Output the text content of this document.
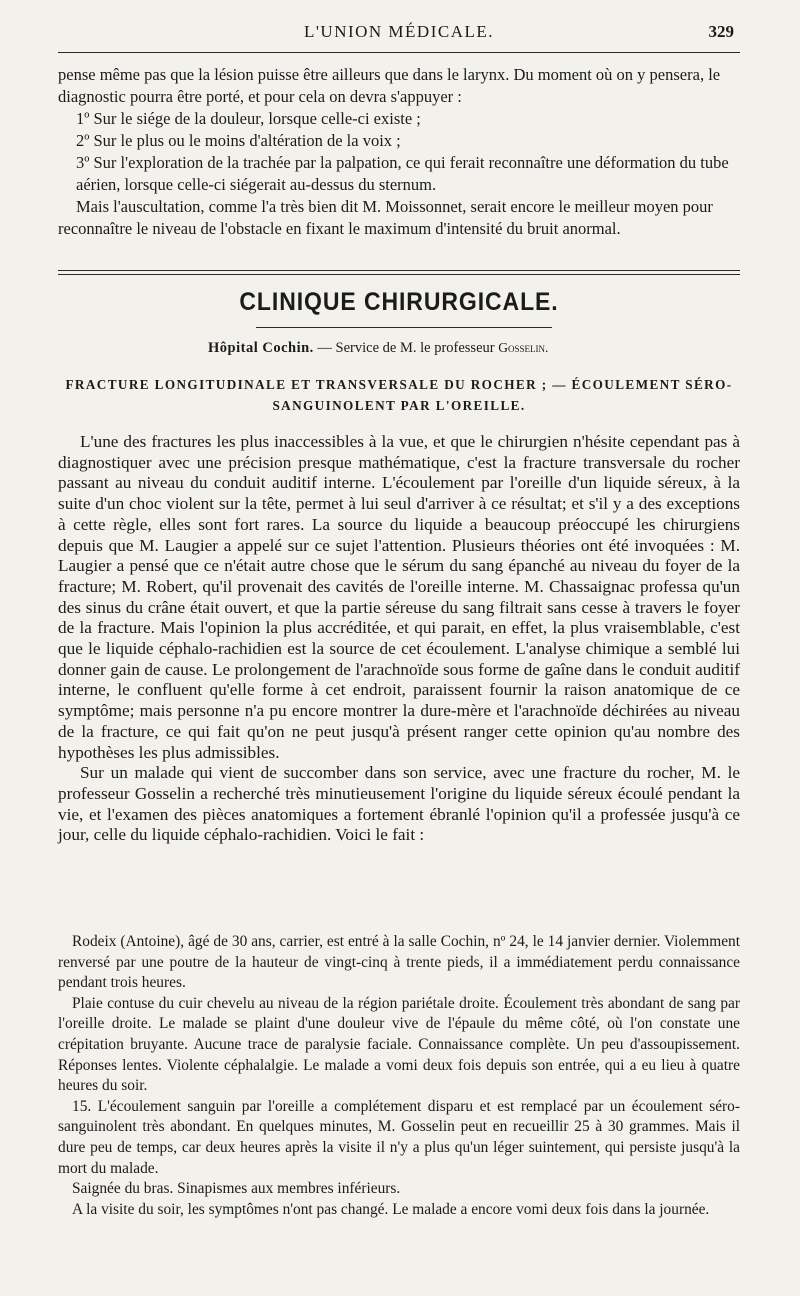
L'UNION MÉDICALE.	329

pense même pas que la lésion puisse être ailleurs que dans le larynx. Du moment où on y pensera, le diagnostic pourra être porté, et pour cela on devra s'appuyer :

1º Sur le siége de la douleur, lorsque celle-ci existe ;

2º Sur le plus ou le moins d'altération de la voix ;

3º Sur l'exploration de la trachée par la palpation, ce qui ferait reconnaître une déformation du tube aérien, lorsque celle-ci siégerait au-dessus du sternum.

Mais l'auscultation, comme l'a très bien dit M. Moissonnet, serait encore le meilleur moyen pour reconnaître le niveau de l'obstacle en fixant le maximum d'intensité du bruit anormal.

CLINIQUE CHIRURGICALE.
Hôpital Cochin. — Service de M. le professeur Gosselin.
FRACTURE LONGITUDINALE ET TRANSVERSALE DU ROCHER ; — ÉCOULEMENT SÉRO-SANGUINOLENT PAR L'OREILLE.

L'une des fractures les plus inaccessibles à la vue, et que le chirurgien n'hésite cependant pas à diagnostiquer avec une précision presque mathématique, c'est la fracture transversale du rocher passant au niveau du conduit auditif interne. L'écoulement par l'oreille d'un liquide séreux, à la suite d'un choc violent sur la tête, permet à lui seul d'arriver à ce résultat; et s'il y a des exceptions à cette règle, elles sont fort rares. La source du liquide a beaucoup préoccupé les chirurgiens depuis que M. Laugier a appelé sur ce sujet l'attention. Plusieurs théories ont été invoquées : M. Laugier a pensé que ce n'était autre chose que le sérum du sang épanché au niveau du foyer de la fracture; M. Robert, qu'il provenait des cavités de l'oreille interne. M. Chassaignac professa qu'un des sinus du crâne était ouvert, et que la partie séreuse du sang filtrait sans cesse à travers le foyer de la fracture. Mais l'opinion la plus accréditée, et qui parait, en effet, la plus vraisemblable, c'est que le liquide céphalo-rachidien est la source de cet écoulement. L'analyse chimique a semblé lui donner gain de cause. Le prolongement de l'arachnoïde sous forme de gaîne dans le conduit auditif interne, le confluent qu'elle forme à cet endroit, paraissent fournir la raison anatomique de ce symptôme; mais personne n'a pu encore montrer la dure-mère et l'arachnoïde déchirées au niveau de la fracture, ce qui fait qu'on ne peut jusqu'à présent ranger cette opinion qu'au nombre des hypothèses les plus admissibles.

Sur un malade qui vient de succomber dans son service, avec une fracture du rocher, M. le professeur Gosselin a recherché très minutieusement l'origine du liquide séreux écoulé pendant la vie, et l'examen des pièces anatomiques a fortement ébranlé l'opinion qu'il a professée jusqu'à ce jour, celle du liquide céphalo-rachidien. Voici le fait :

Rodeix (Antoine), âgé de 30 ans, carrier, est entré à la salle Cochin, nº 24, le 14 janvier dernier. Violemment renversé par une poutre de la hauteur de vingt-cinq à trente pieds, il a immédiatement perdu connaissance pendant trois heures.

Plaie contuse du cuir chevelu au niveau de la région pariétale droite. Écoulement très abondant de sang par l'oreille droite. Le malade se plaint d'une douleur vive de l'épaule du même côté, où l'on constate une crépitation bruyante. Aucune trace de paralysie faciale. Connaissance complète. Un peu d'assoupissement. Réponses lentes. Violente céphalalgie. Le malade a vomi deux fois depuis son entrée, qui a eu lieu à quatre heures du soir.

15. L'écoulement sanguin par l'oreille a complétement disparu et est remplacé par un écoulement séro-sanguinolent très abondant. En quelques minutes, M. Gosselin peut en recueillir 25 à 30 grammes. Mais il dure peu de temps, car deux heures après la visite il n'y a plus qu'un léger suintement, qui persiste jusqu'à la mort du malade.

Saignée du bras. Sinapismes aux membres inférieurs.

A la visite du soir, les symptômes n'ont pas changé. Le malade a encore vomi deux fois dans la journée.
